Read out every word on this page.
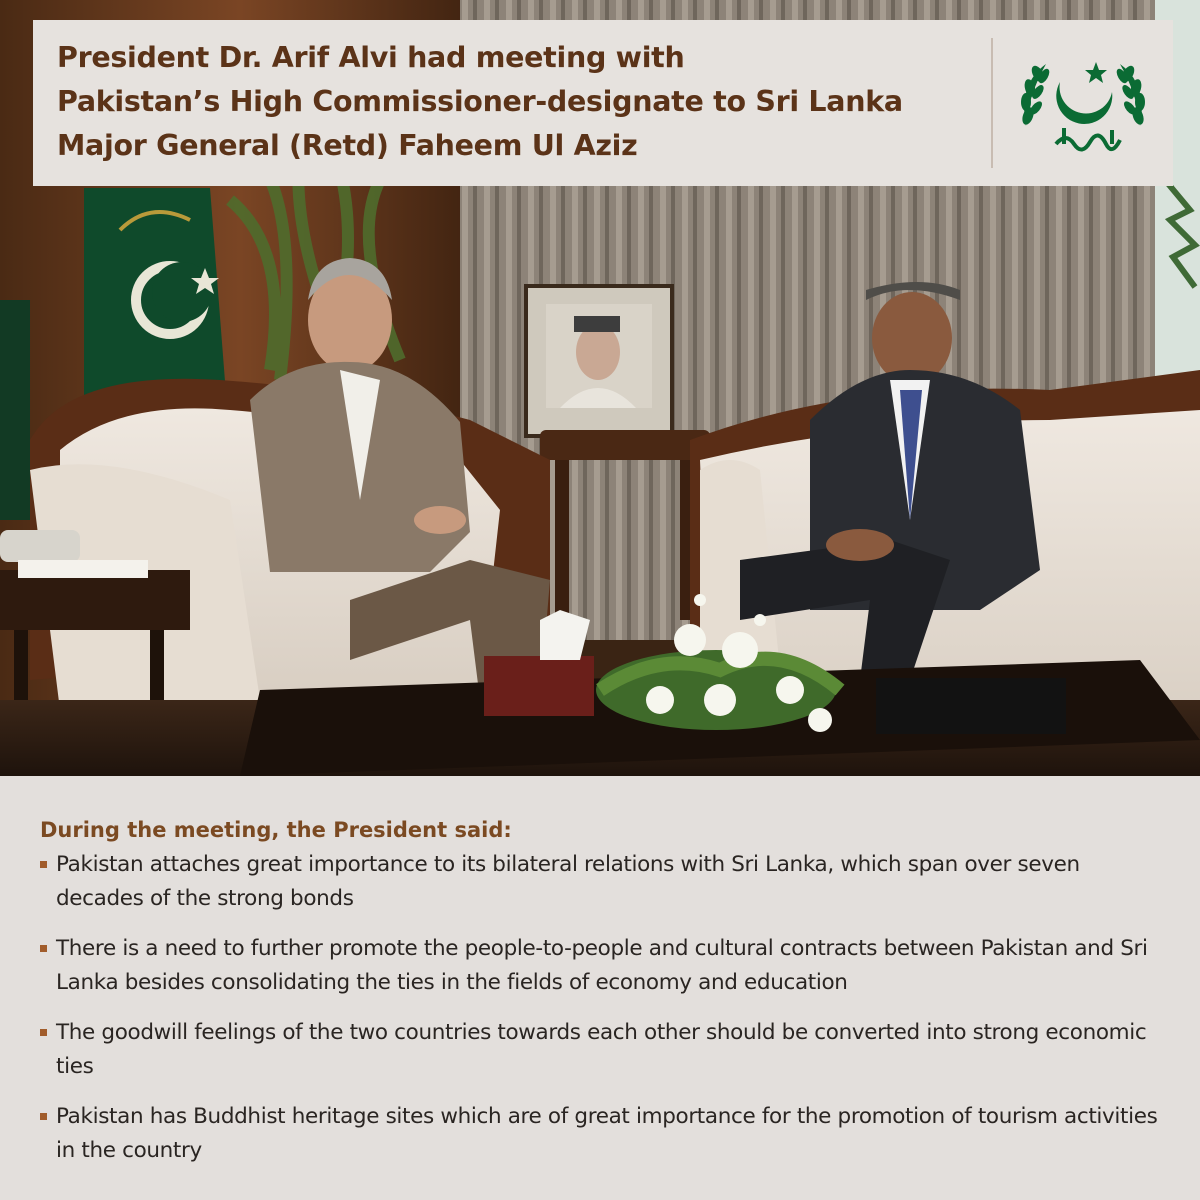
President Dr. Arif Alvi had meeting with
Pakistan’s High Commissioner-designate to Sri Lanka
Major General (Retd) Faheem Ul Aziz

During the meeting, the President said:

Pakistan attaches great importance to its bilateral relations with Sri Lanka, which span over seven decades of the strong bonds
There is a need to further promote the people-to-people and cultural contracts between Pakistan and Sri Lanka besides consolidating the ties in the fields of economy and education
The goodwill feelings of the two countries towards each other should be converted into strong economic ties
Pakistan has Buddhist heritage sites which are of great importance for the promotion of tourism activities in the country
